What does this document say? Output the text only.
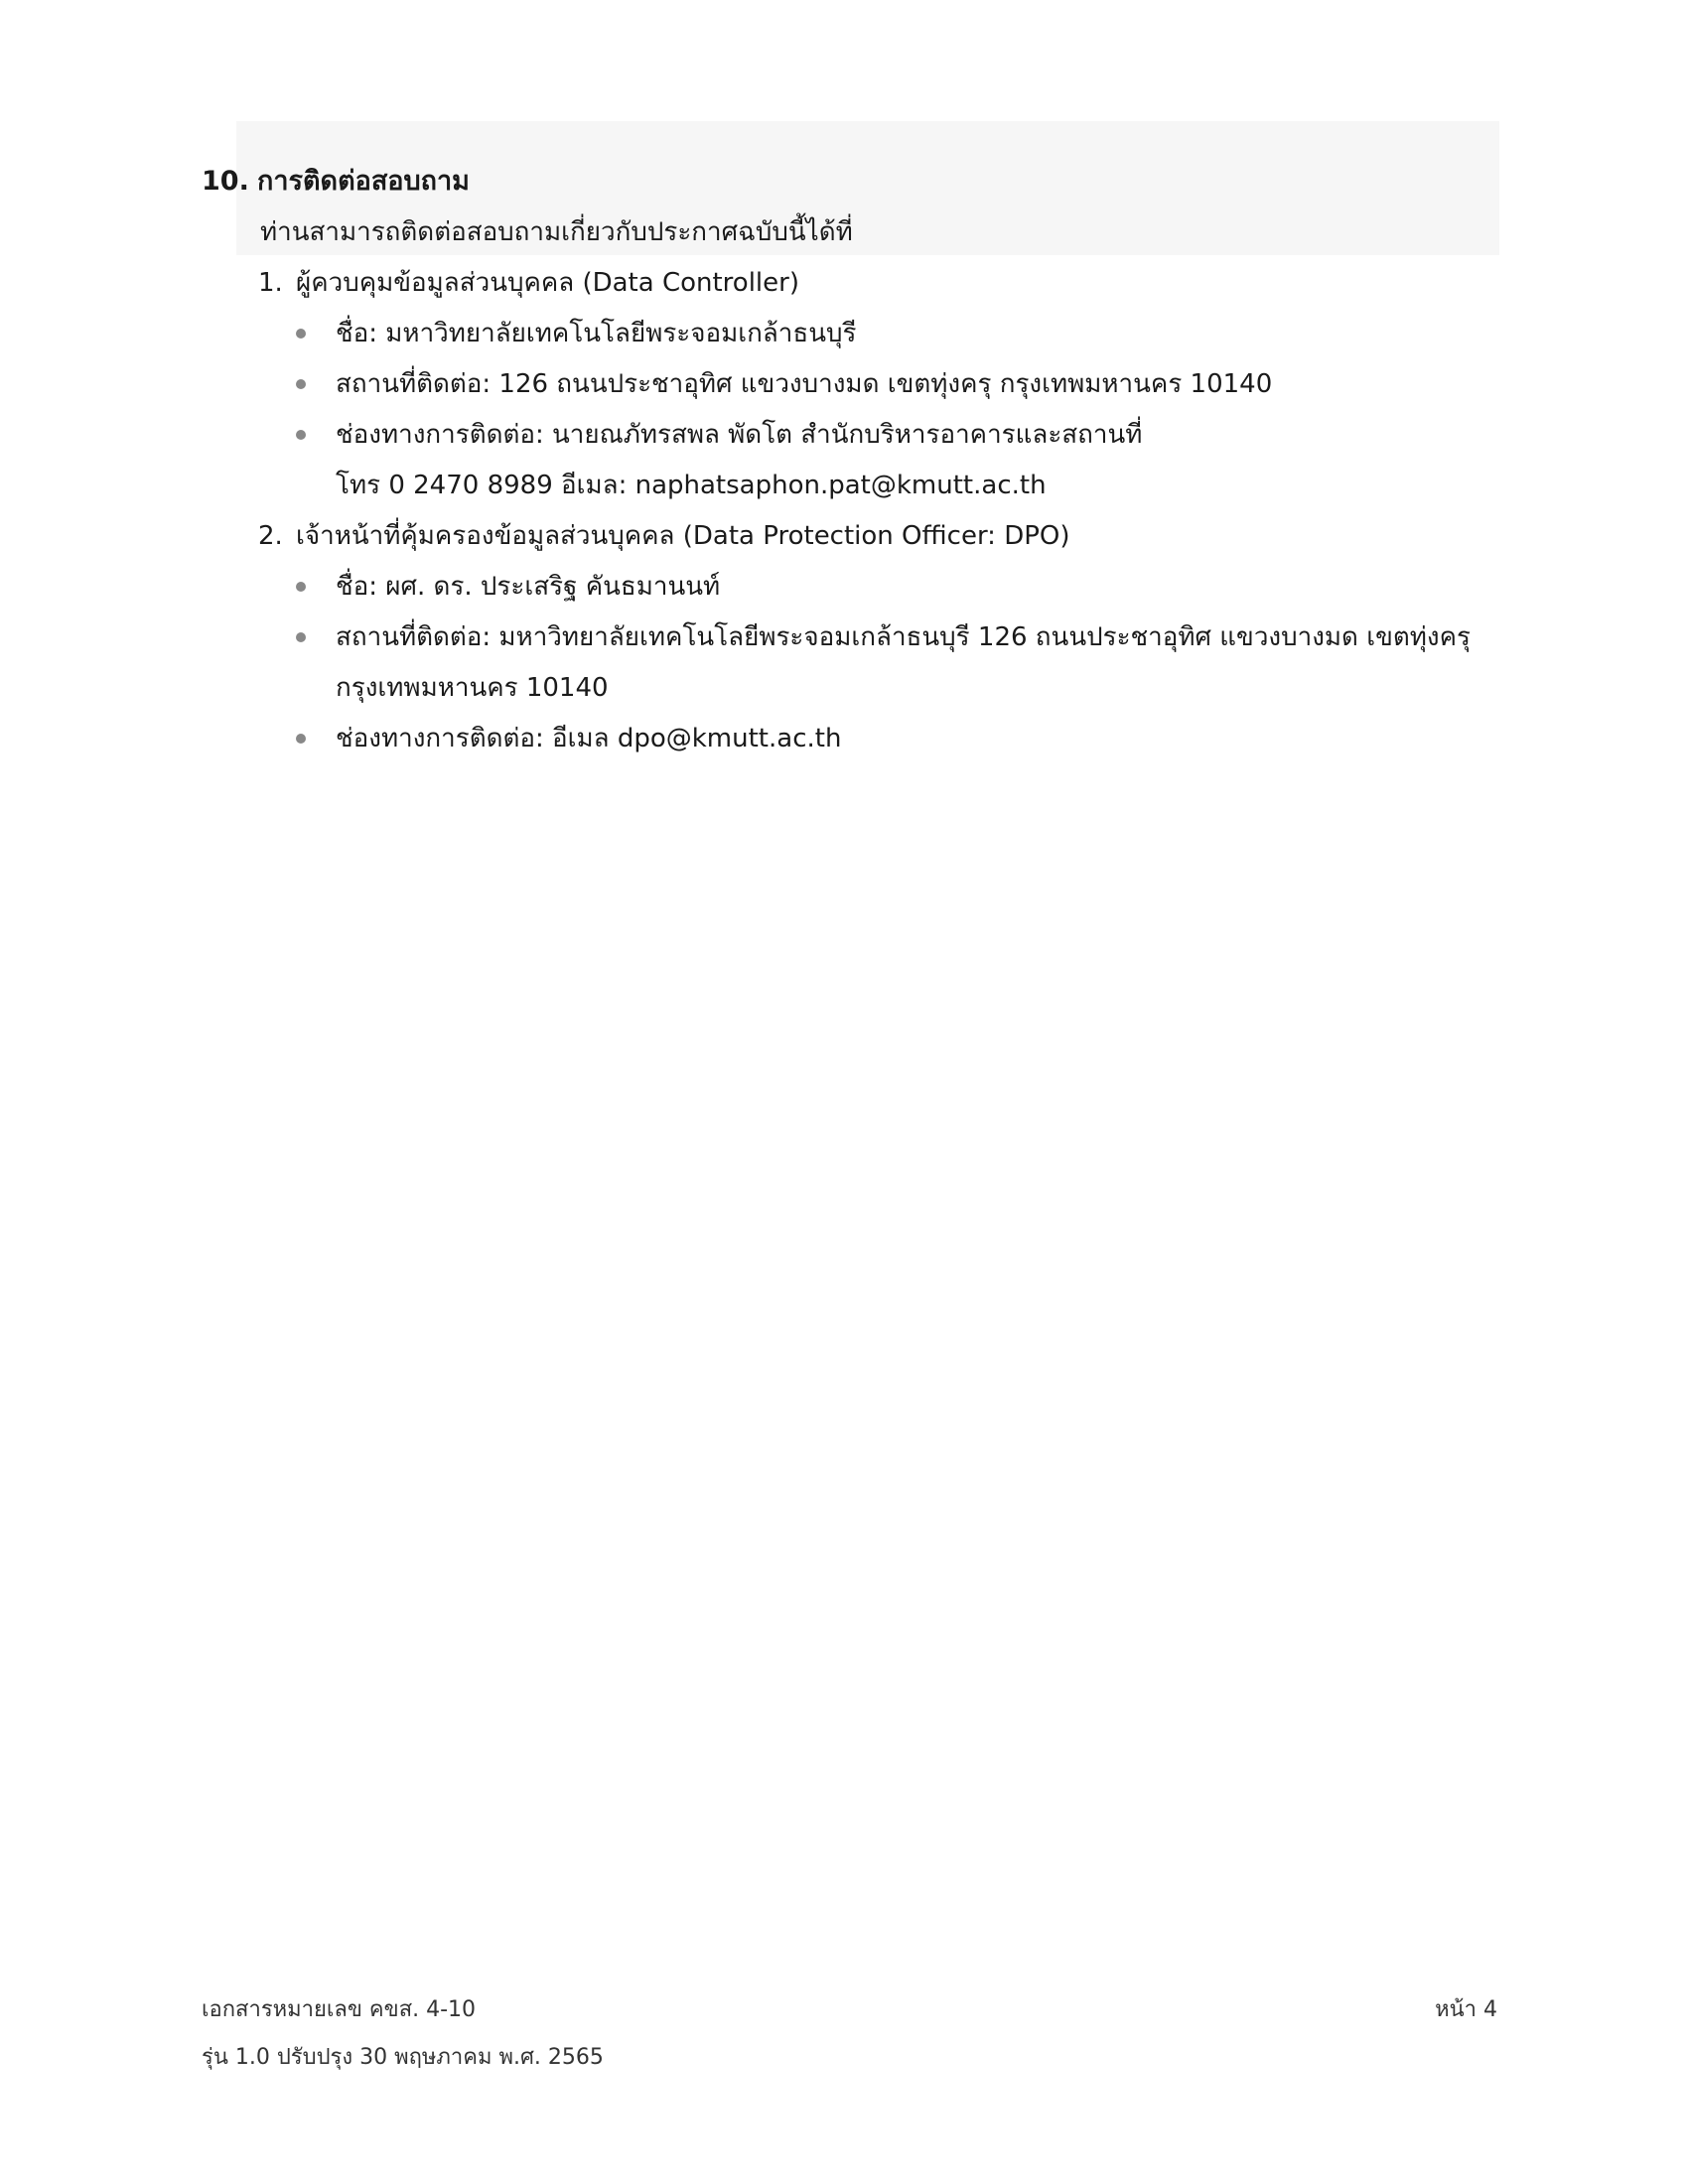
10. การติดต่อสอบถาม
ท่านสามารถติดต่อสอบถามเกี่ยวกับประกาศฉบับนี้ได้ที่
1. ผู้ควบคุมข้อมูลส่วนบุคคล (Data Controller)
ชื่อ: มหาวิทยาลัยเทคโนโลยีพระจอมเกล้าธนบุรี
สถานที่ติดต่อ: 126 ถนนประชาอุทิศ แขวงบางมด เขตทุ่งครุ กรุงเทพมหานคร 10140
ช่องทางการติดต่อ: นายณภัทรสพล พัดโต สำนักบริหารอาคารและสถานที่
โทร 0 2470 8989 อีเมล: naphatsaphon.pat@kmutt.ac.th
2. เจ้าหน้าที่คุ้มครองข้อมูลส่วนบุคคล (Data Protection Officer: DPO)
ชื่อ: ผศ. ดร. ประเสริฐ คันธมานนท์
สถานที่ติดต่อ: มหาวิทยาลัยเทคโนโลยีพระจอมเกล้าธนบุรี 126 ถนนประชาอุทิศ แขวงบางมด เขตทุ่งครุ
กรุงเทพมหานคร 10140
ช่องทางการติดต่อ: อีเมล dpo@kmutt.ac.th
เอกสารหมายเลข คขส. 4-10
รุ่น 1.0 ปรับปรุง 30 พฤษภาคม พ.ศ. 2565
หน้า 4
